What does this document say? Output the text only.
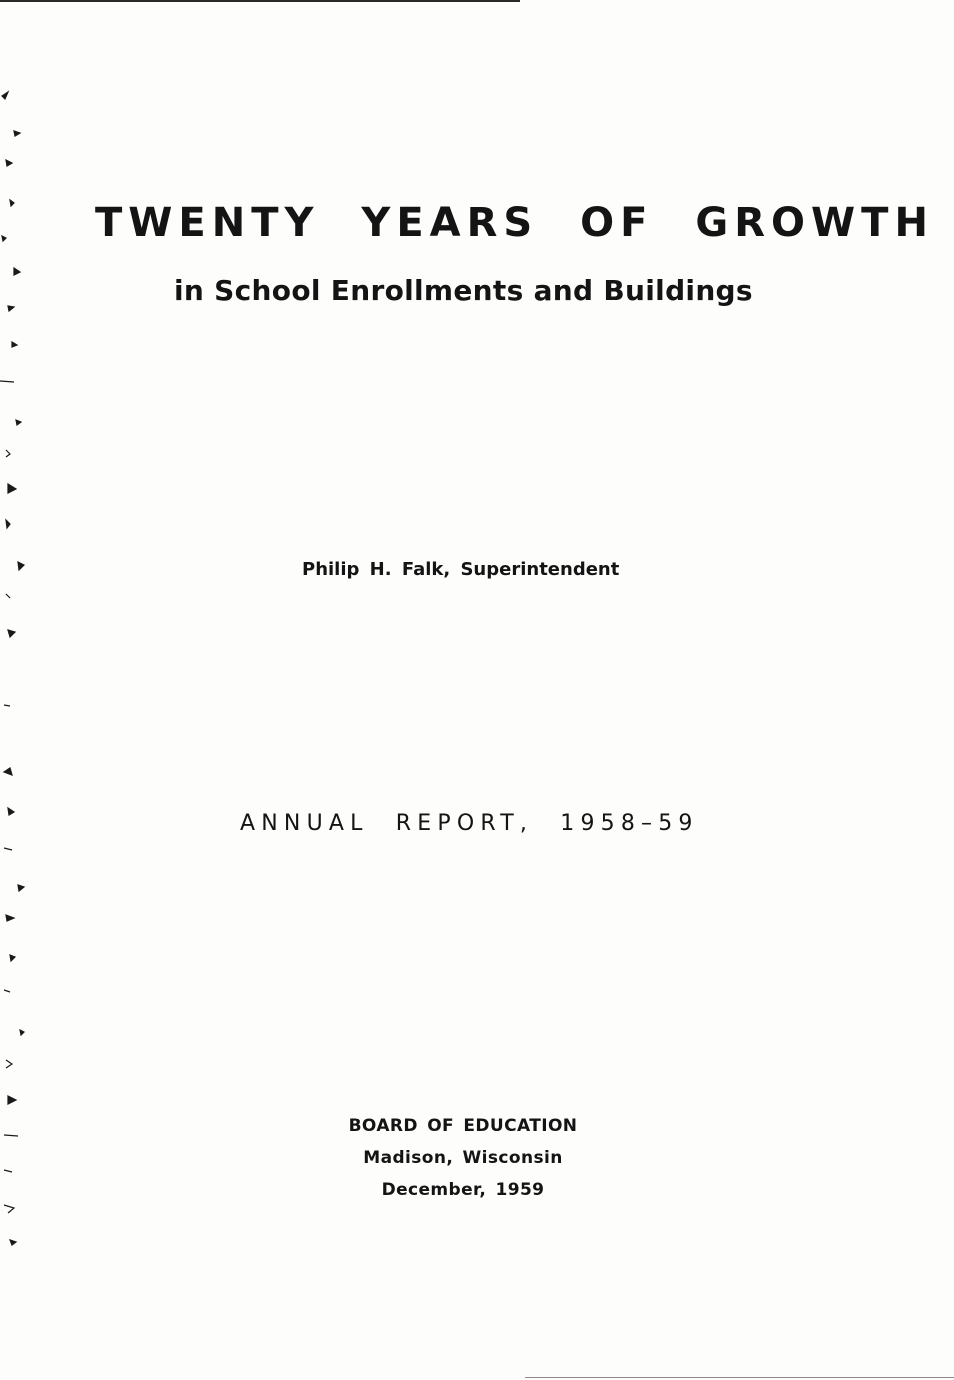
TWENTY YEARS OF GROWTH
in School Enrollments and Buildings
Philip H. Falk, Superintendent
ANNUAL REPORT, 1958–59
BOARD OF EDUCATION
Madison, Wisconsin
December, 1959
